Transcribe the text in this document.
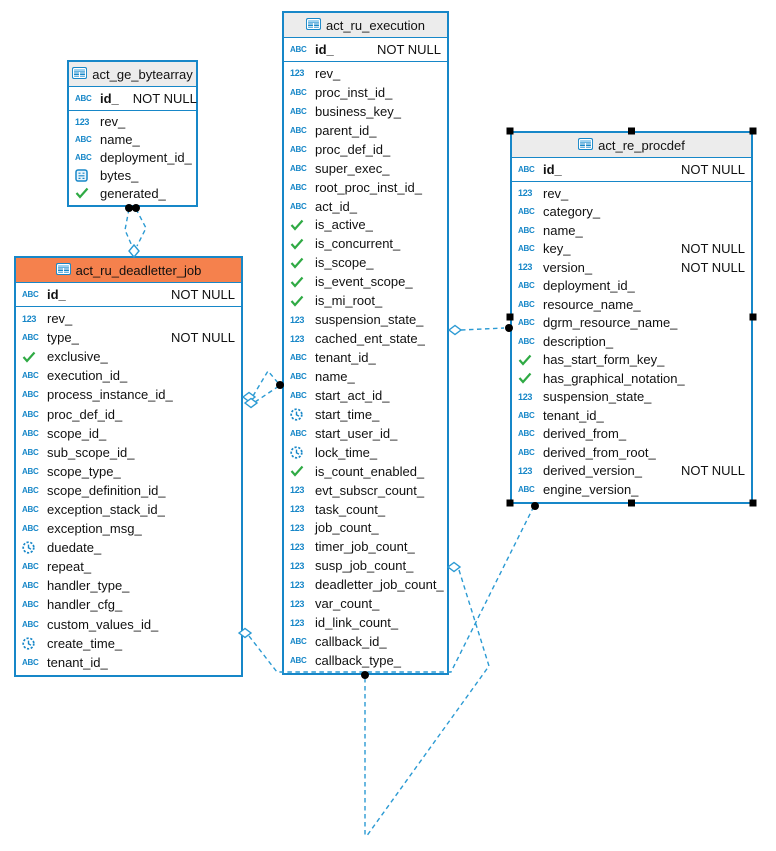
act_ge_bytearray
ABC id_	NOT NULL
123 rev_
ABC name_
ABC deployment_id_
bytes_
generated_
act_ru_execution
ABC id_	NOT NULL
123 rev_
ABC proc_inst_id_
ABC business_key_
ABC parent_id_
ABC proc_def_id_
ABC super_exec_
ABC root_proc_inst_id_
ABC act_id_
is_active_
is_concurrent_
is_scope_
is_event_scope_
is_mi_root_
123 suspension_state_
123 cached_ent_state_
ABC tenant_id_
ABC name_
ABC start_act_id_
start_time_
ABC start_user_id_
lock_time_
is_count_enabled_
123 evt_subscr_count_
123 task_count_
123 job_count_
123 timer_job_count_
123 susp_job_count_
123 deadletter_job_count_
123 var_count_
123 id_link_count_
ABC callback_id_
ABC callback_type_
act_ru_deadletter_job
ABC id_	NOT NULL
123 rev_
ABC type_	NOT NULL
exclusive_
ABC execution_id_
ABC process_instance_id_
ABC proc_def_id_
ABC scope_id_
ABC sub_scope_id_
ABC scope_type_
ABC scope_definition_id_
ABC exception_stack_id_
ABC exception_msg_
duedate_
ABC repeat_
ABC handler_type_
ABC handler_cfg_
ABC custom_values_id_
create_time_
ABC tenant_id_
act_re_procdef
ABC id_	NOT NULL
123 rev_
ABC category_
ABC name_
ABC key_	NOT NULL
123 version_	NOT NULL
ABC deployment_id_
ABC resource_name_
ABC dgrm_resource_name_
ABC description_
has_start_form_key_
has_graphical_notation_
123 suspension_state_
ABC tenant_id_
ABC derived_from_
ABC derived_from_root_
123 derived_version_	NOT NULL
ABC engine_version_
